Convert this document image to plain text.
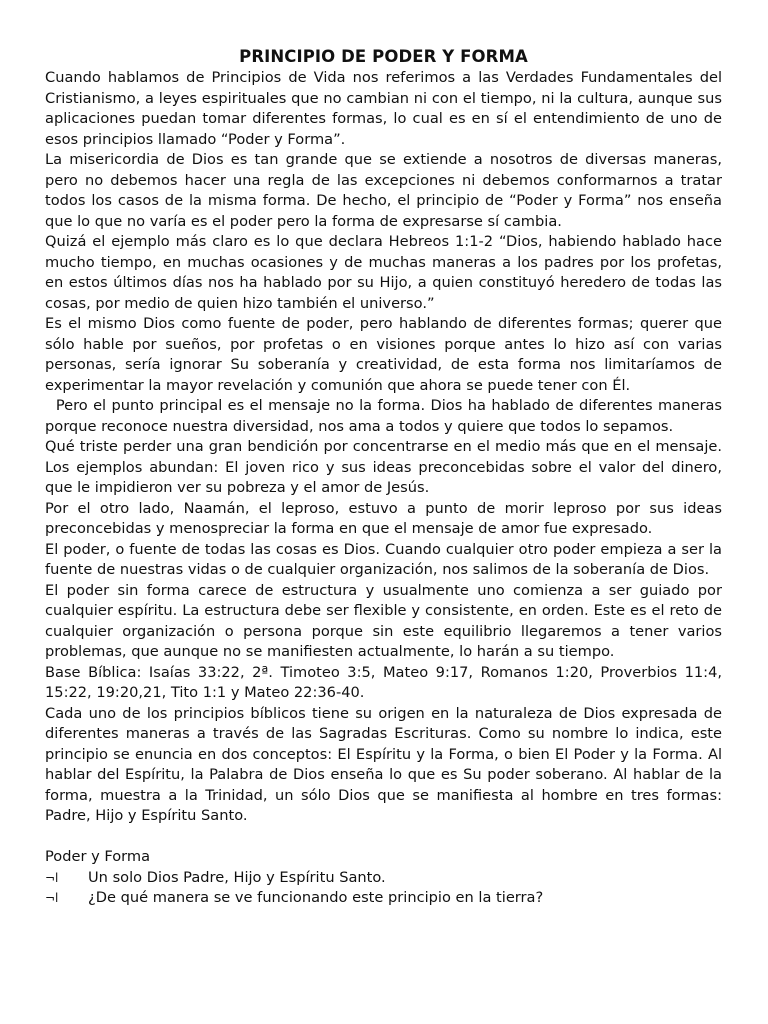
PRINCIPIO DE PODER Y FORMA

Cuando hablamos de Principios de Vida nos referimos a las Verdades Fundamentales del Cristianismo, a leyes espirituales que no cambian ni con el tiempo, ni la cultura, aunque sus aplicaciones puedan tomar diferentes formas, lo cual es en sí el entendimiento de uno de esos principios llamado “Poder y Forma”.

La misericordia de Dios es tan grande que se extiende a nosotros de diversas maneras, pero no debemos hacer una regla de las excepciones ni debemos conformarnos a tratar todos los casos de la misma forma. De hecho, el principio de “Poder y Forma” nos enseña que lo que no varía es el poder pero la forma de expresarse sí cambia.

Quizá el ejemplo más claro es lo que declara Hebreos 1:1-2 “Dios, habiendo hablado hace mucho tiempo, en muchas ocasiones y de muchas maneras a los padres por los profetas, en estos últimos días nos ha hablado por su Hijo, a quien constituyó heredero de todas las cosas, por medio de quien hizo también el universo.”

Es el mismo Dios como fuente de poder, pero hablando de diferentes formas; querer que sólo hable por sueños, por profetas o en visiones porque antes lo hizo así con varias personas, sería ignorar Su soberanía y creatividad, de esta forma nos limitaríamos de experimentar la mayor revelación y comunión que ahora se puede tener con Él.

Pero el punto principal es el mensaje no la forma. Dios ha hablado de diferentes maneras porque reconoce nuestra diversidad, nos ama a todos y quiere que todos lo sepamos.

Qué triste perder una gran bendición por concentrarse en el medio más que en el mensaje. Los ejemplos abundan: El joven rico y sus ideas preconcebidas sobre el valor del dinero, que le impidieron ver su pobreza y el amor de Jesús.

Por el otro lado, Naamán, el leproso, estuvo a punto de morir leproso por sus ideas preconcebidas y menospreciar la forma en que el mensaje de amor fue expresado.

El poder, o fuente de todas las cosas es Dios. Cuando cualquier otro poder empieza a ser la fuente de nuestras vidas o de cualquier organización, nos salimos de la soberanía de Dios.

El poder sin forma carece de estructura y usualmente uno comienza a ser guiado por cualquier espíritu. La estructura debe ser flexible y consistente, en orden. Este es el reto de cualquier organización o persona porque sin este equilibrio llegaremos a tener varios problemas, que aunque no se manifiesten actualmente, lo harán a su tiempo.

Base Bíblica: Isaías 33:22, 2ª. Timoteo 3:5, Mateo 9:17, Romanos 1:20, Proverbios 11:4, 15:22, 19:20,21, Tito 1:1 y Mateo 22:36-40.

Cada uno de los principios bíblicos tiene su origen en la naturaleza de Dios expresada de diferentes maneras a través de las Sagradas Escrituras. Como su nombre lo indica, este principio se enuncia en dos conceptos: El Espíritu y la Forma, o bien El Poder y la Forma. Al hablar del Espíritu, la Palabra de Dios enseña lo que es Su poder soberano. Al hablar de la forma, muestra a la Trinidad, un sólo Dios que se manifiesta al hombre en tres formas: Padre, Hijo y Espíritu Santo.

Poder y Forma

¬l	Un solo Dios Padre, Hijo y Espíritu Santo.
¬l	¿De qué manera se ve funcionando este principio en la tierra?
